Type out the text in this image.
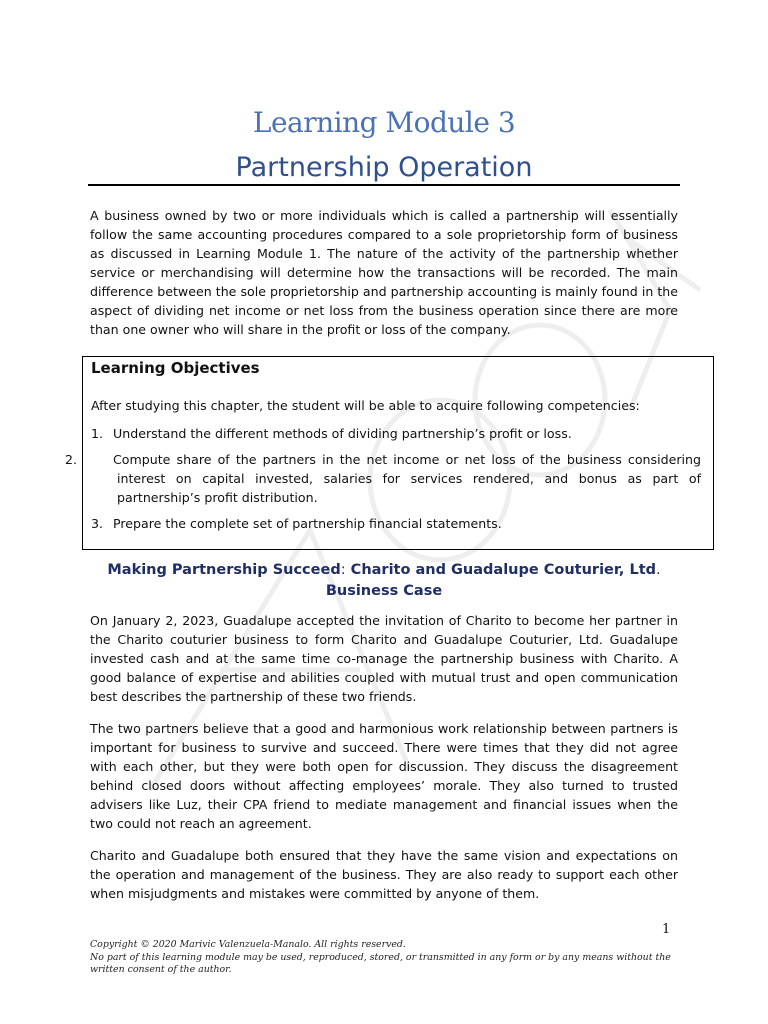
Learning Module 3
Partnership Operation

A business owned by two or more individuals which is called a partnership will essentially follow the same accounting procedures compared to a sole proprietorship form of business as discussed in Learning Module 1. The nature of the activity of the partnership whether service or merchandising will determine how the transactions will be recorded. The main difference between the sole proprietorship and partnership accounting is mainly found in the aspect of dividing net income or net loss from the business operation since there are more than one owner who will share in the profit or loss of the company.

Learning Objectives
After studying this chapter, the student will be able to acquire following competencies:

1. Understand the different methods of dividing partnership’s profit or loss.

2.	Compute share of the partners in the net income or net loss of the business considering interest on capital invested, salaries for services rendered, and bonus as part of partnership’s profit distribution.

3. Prepare the complete set of partnership financial statements.

Making Partnership Succeed: Charito and Guadalupe Couturier, Ltd.
Business Case

On January 2, 2023, Guadalupe accepted the invitation of Charito to become her partner in the Charito couturier business to form Charito and Guadalupe Couturier, Ltd. Guadalupe invested cash and at the same time co-manage the partnership business with Charito. A good balance of expertise and abilities coupled with mutual trust and open communication best describes the partnership of these two friends.

The two partners believe that a good and harmonious work relationship between partners is important for business to survive and succeed. There were times that they did not agree with each other, but they were both open for discussion. They discuss the disagreement behind closed doors without affecting employees’ morale. They also turned to trusted advisers like Luz, their CPA friend to mediate management and financial issues when the two could not reach an agreement.

Charito and Guadalupe both ensured that they have the same vision and expectations on the operation and management of the business. They are also ready to support each other when misjudgments and mistakes were committed by anyone of them.

1
Copyright © 2020 Marivic Valenzuela-Manalo. All rights reserved.
No part of this learning module may be used, reproduced, stored, or transmitted in any form or by any means without the written consent of the author.
